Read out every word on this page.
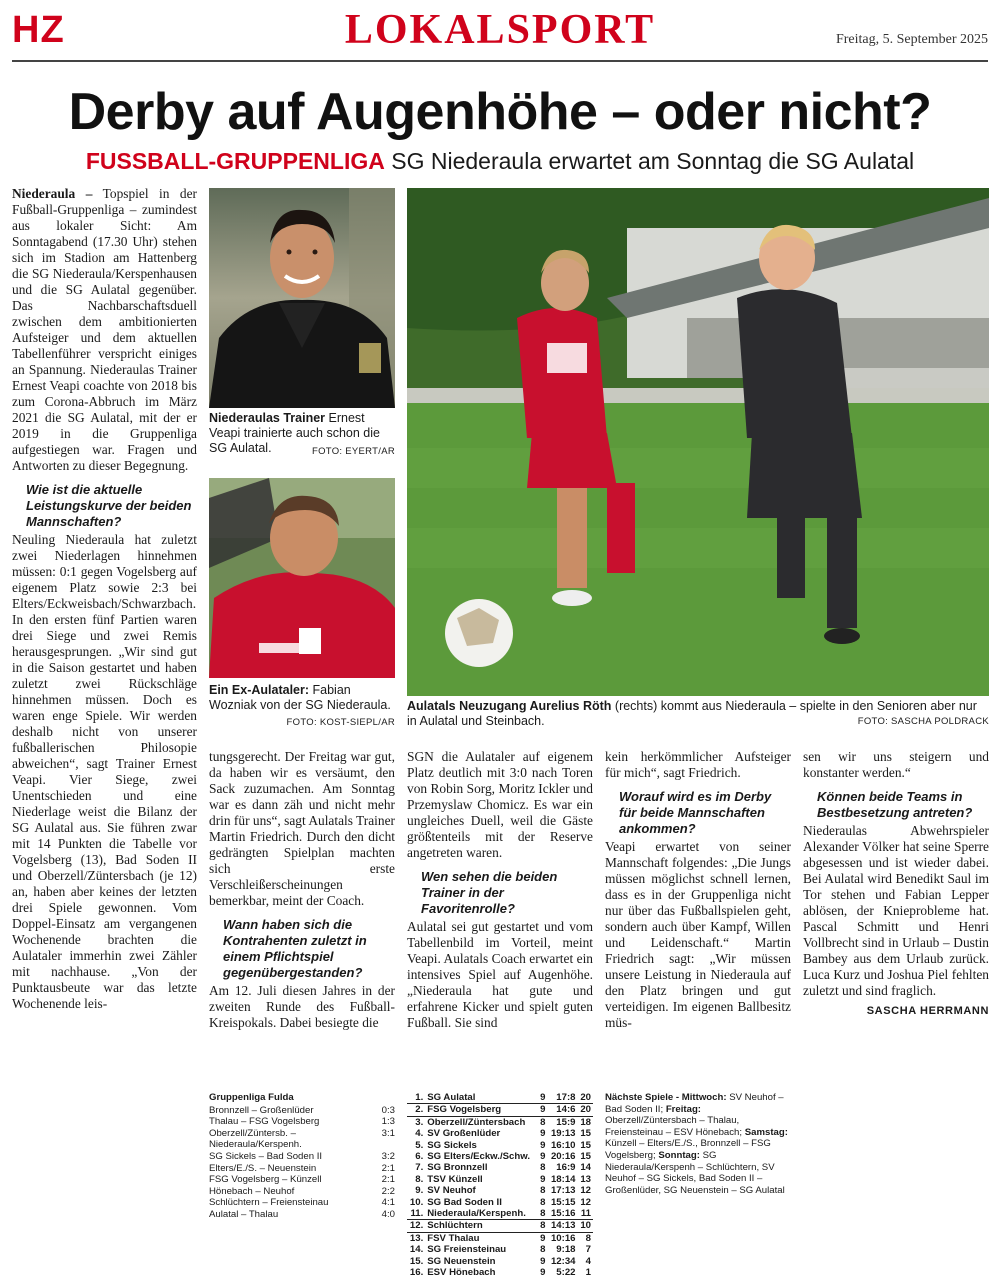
HZ	LOKALSPORT	Freitag, 5. September 2025
Derby auf Augenhöhe – oder nicht?
FUSSBALL-GRUPPENLIGA SG Niederaula erwartet am Sonntag die SG Aulatal

Niederaula – Topspiel in der Fußball-Gruppenliga – zumindest aus lokaler Sicht: Am Sonntagabend (17.30 Uhr) stehen sich im Stadion am Hattenberg die SG Niederaula/Kerspenhausen und die SG Aulatal gegenüber. Das Nachbarschaftsduell zwischen dem ambitionierten Aufsteiger und dem aktuellen Tabellenführer verspricht einiges an Spannung. Niederaulas Trainer Ernest Veapi coachte von 2018 bis zum Corona-Abbruch im März 2021 die SG Aulatal, mit der er 2019 in die Gruppenliga aufgestiegen war. Fragen und Antworten zu dieser Begegnung.

Wie ist die aktuelle Leistungskurve der beiden Mannschaften?

Neuling Niederaula hat zuletzt zwei Niederlagen hinnehmen müssen: 0:1 gegen Vogelsberg auf eigenem Platz sowie 2:3 bei Elters/Eckweisbach/Schwarzbach. In den ersten fünf Partien waren drei Siege und zwei Remis herausgesprungen. „Wir sind gut in die Saison gestartet und haben zuletzt zwei Rückschläge hinnehmen müssen. Doch es waren enge Spiele. Wir werden deshalb nicht von unserer fußballerischen Philosopie abweichen“, sagt Trainer Ernest Veapi. Vier Siege, zwei Unentschieden und eine Niederlage weist die Bilanz der SG Aulatal aus. Sie führen zwar mit 14 Punkten die Tabelle vor Vogelsberg (13), Bad Soden II und Oberzell/Züntersbach (je 12) an, haben aber keines der letzten drei Spiele gewonnen. Vom Doppel-Einsatz am vergangenen Wochenende brachten die Aulataler immerhin zwei Zähler mit nachhause. „Von der Punktausbeute war das letzte Wochenende leis-

Niederaulas Trainer Ernest Veapi trainierte auch schon die SG Aulatal.	FOTO: EYERT/AR
Ein Ex-Aulataler: Fabian Wozniak von der SG Niederaula.
FOTO: KOST-SIEPL/AR
Aulatals Neuzugang Aurelius Röth (rechts) kommt aus Niederaula – spielte in den Senioren aber nur in Aulatal und Steinbach.	FOTO: SASCHA POLDRACK

tungsgerecht. Der Freitag war gut, da haben wir es versäumt, den Sack zuzumachen. Am Sonntag war es dann zäh und nicht mehr drin für uns“, sagt Aulatals Trainer Martin Friedrich. Durch den dicht gedrängten Spielplan machten sich erste Verschleißerscheinungen bemerkbar, meint der Coach.

Wann haben sich die Kontrahenten zuletzt in einem Pflichtspiel gegenübergestanden?

Am 12. Juli diesen Jahres in der zweiten Runde des Fußball-Kreispokals. Dabei besiegte die

SGN die Aulataler auf eigenem Platz deutlich mit 3:0 nach Toren von Robin Sorg, Moritz Ickler und Przemyslaw Chomicz. Es war ein ungleiches Duell, weil die Gäste größtenteils mit der Reserve angetreten waren.

Wen sehen die beiden Trainer in der Favoritenrolle?

Aulatal sei gut gestartet und vom Tabellenbild im Vorteil, meint Veapi. Aulatals Coach erwartet ein intensives Spiel auf Augenhöhe. „Niederaula hat gute und erfahrene Kicker und spielt guten Fußball. Sie sind

kein herkömmlicher Aufsteiger für mich“, sagt Friedrich.

Worauf wird es im Derby für beide Mannschaften ankommen?

Veapi erwartet von seiner Mannschaft folgendes: „Die Jungs müssen möglichst schnell lernen, dass es in der Gruppenliga nicht nur über das Fußballspielen geht, sondern auch über Kampf, Willen und Leidenschaft.“ Martin Friedrich sagt: „Wir müssen unsere Leistung in Niederaula auf den Platz bringen und gut verteidigen. Im eigenen Ballbesitz müs-

sen wir uns steigern und konstanter werden.“

Können beide Teams in Bestbesetzung antreten?

Niederaulas Abwehrspieler Alexander Völker hat seine Sperre abgesessen und ist wieder dabei. Bei Aulatal wird Benedikt Saul im Tor stehen und Fabian Lepper ablösen, der Knieprobleme hat. Pascal Schmitt und Henri Vollbrecht sind in Urlaub – Dustin Bambey aus dem Urlaub zurück. Luca Kurz und Joshua Piel fehlten zuletzt und sind fraglich.

SASCHA HERRMANN
Gruppenliga Fulda
Bronnzell – Großenlüder	0:3
Thalau – FSG Vogelsberg	1:3
Oberzell/Züntersb. – Niederaula/Kerspenh.
3:1
SG Sickels – Bad Soden II	3:2
Elters/E./S. – Neuenstein	2:1
FSG Vogelsberg – Künzell	2:1
Hönebach – Neuhof	2:2
Schlüchtern – Freiensteinau	4:1
Aulatal – Thalau	4:0
1.	SG Aulatal	9	17:8	20
2.	FSG Vogelsberg	9	14:6	20
3.	Oberzell/Züntersbach	8	15:9	18
4.	SV Großenlüder	9	19:13	15
5.	SG Sickels	9	16:10	15
6.	SG Elters/Eckw./Schw.	9	20:16	15
7.	SG Bronnzell	8	16:9	14
8.	TSV Künzell	9	18:14	13
9.	SV Neuhof	8	17:13	12
10.	SG Bad Soden II	8	15:15	12
11.	Niederaula/Kerspenh.	8	15:16	11
12.	Schlüchtern	8	14:13	10
13.	FSV Thalau	9	10:16	8
14.	SG Freiensteinau	8	9:18	7
15.	SG Neuenstein	9	12:34	4
16.	ESV Hönebach	9	5:22	1
Nächste Spiele - Mittwoch: SV Neuhof – Bad Soden II; Freitag: Oberzell/Züntersbach – Thalau, Freiensteinau – ESV Hönebach; Samstag: Künzell – Elters/E./S., Bronnzell – FSG Vogelsberg; Sonntag: SG Niederaula/Kerspenh – Schlüchtern, SV Neuhof – SG Sickels, Bad Soden II – Großenlüder, SG Neuenstein – SG Aulatal
